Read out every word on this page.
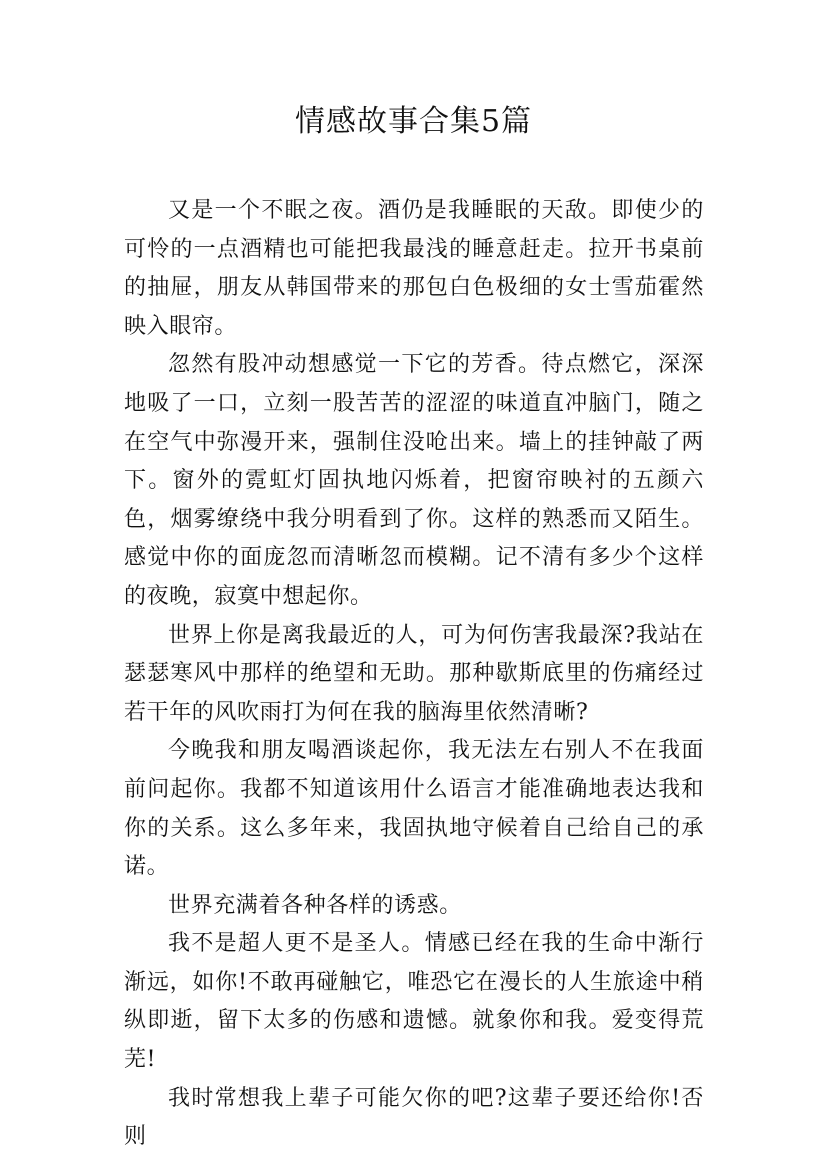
情感故事合集5篇

又是一个不眠之夜。酒仍是我睡眠的天敌。即使少的可怜的一点酒精也可能把我最浅的睡意赶走。拉开书桌前的抽屉，朋友从韩国带来的那包白色极细的女士雪茄霍然映入眼帘。

忽然有股冲动想感觉一下它的芳香。待点燃它，深深地吸了一口，立刻一股苦苦的涩涩的味道直冲脑门，随之在空气中弥漫开来，强制住没呛出来。墙上的挂钟敲了两下。窗外的霓虹灯固执地闪烁着，把窗帘映衬的五颜六色，烟雾缭绕中我分明看到了你。这样的熟悉而又陌生。感觉中你的面庞忽而清晰忽而模糊。记不清有多少个这样的夜晚，寂寞中想起你。

世界上你是离我最近的人，可为何伤害我最深?我站在瑟瑟寒风中那样的绝望和无助。那种歇斯底里的伤痛经过若干年的风吹雨打为何在我的脑海里依然清晰?

今晚我和朋友喝酒谈起你，我无法左右别人不在我面前问起你。我都不知道该用什么语言才能准确地表达我和你的关系。这么多年来，我固执地守候着自己给自己的承诺。

世界充满着各种各样的诱惑。

我不是超人更不是圣人。情感已经在我的生命中渐行渐远，如你!不敢再碰触它，唯恐它在漫长的人生旅途中稍纵即逝，留下太多的伤感和遗憾。就象你和我。爱变得荒芜!

我时常想我上辈子可能欠你的吧?这辈子要还给你!否则
